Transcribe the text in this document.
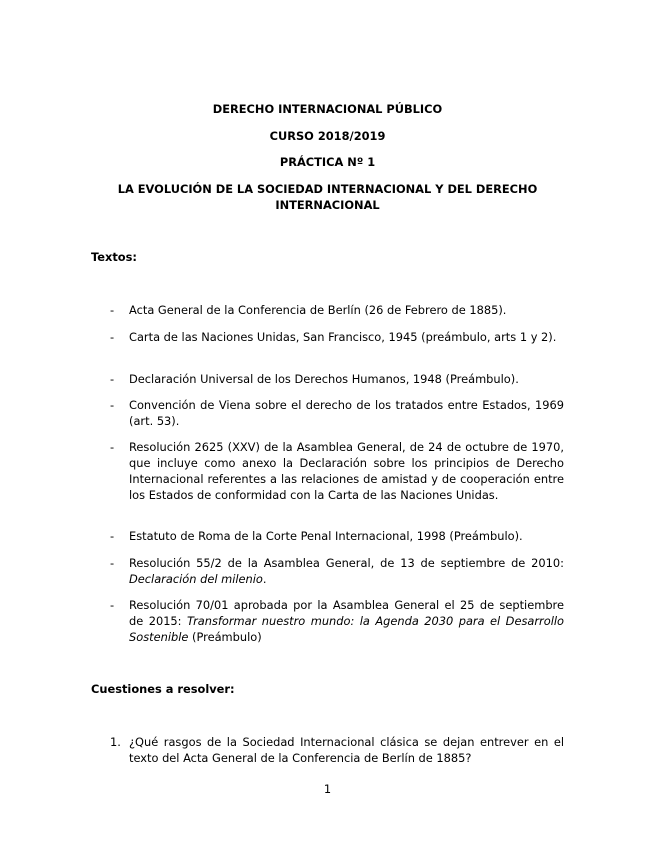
DERECHO INTERNACIONAL PÚBLICO
CURSO 2018/2019
PRÁCTICA Nº 1
LA EVOLUCIÓN DE LA SOCIEDAD INTERNACIONAL Y DEL DERECHO INTERNACIONAL
Textos:
- Acta General de la Conferencia de Berlín (26 de Febrero de 1885).
- Carta de las Naciones Unidas, San Francisco, 1945 (preámbulo, arts 1 y 2).
- Declaración Universal de los Derechos Humanos, 1948 (Preámbulo).
- Convención de Viena sobre el derecho de los tratados entre Estados, 1969 (art. 53).
- Resolución 2625 (XXV) de la Asamblea General, de 24 de octubre de 1970, que incluye como anexo la Declaración sobre los principios de Derecho Internacional referentes a las relaciones de amistad y de cooperación entre los Estados de conformidad con la Carta de las Naciones Unidas.
- Estatuto de Roma de la Corte Penal Internacional, 1998 (Preámbulo).
- Resolución 55/2 de la Asamblea General, de 13 de septiembre de 2010: Declaración del milenio.
- Resolución 70/01 aprobada por la Asamblea General el 25 de septiembre de 2015: Transformar nuestro mundo: la Agenda 2030 para el Desarrollo Sostenible (Preámbulo)
Cuestiones a resolver:
1. ¿Qué rasgos de la Sociedad Internacional clásica se dejan entrever en el texto del Acta General de la Conferencia de Berlín de 1885?
1
